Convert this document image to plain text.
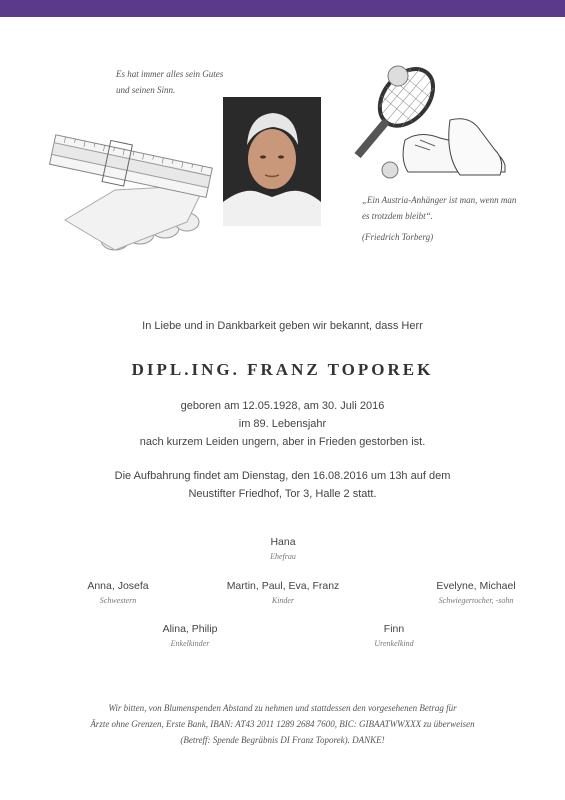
Es hat immer alles sein Gutes
und seinen Sinn.
„Ein Austria-Anhänger ist man, wenn man
es trotzdem bleibt“.
(Friedrich Torberg)
In Liebe und in Dankbarkeit geben wir bekannt, dass Herr
DIPL.ING. FRANZ TOPOREK
geboren am 12.05.1928, am 30. Juli 2016
im 89. Lebensjahr
nach kurzem Leiden ungern, aber in Frieden gestorben ist.
Die Aufbahrung findet am Dienstag, den 16.08.2016 um 13h auf dem
Neustifter Friedhof, Tor 3, Halle 2 statt.
Hana
Ehefrau
Anna, Josefa
Schwestern
Martin, Paul, Eva, Franz
Kinder
Evelyne, Michael
Schwiegertocher, -sohn
Alina, Philip
Enkelkinder
Finn
Urenkelkind
Wir bitten, von Blumenspenden Abstand zu nehmen und stattdessen den vorgesehenen Betrag für
Ärzte ohne Grenzen, Erste Bank, IBAN: AT43 2011 1289 2684 7600, BIC: GIBAATWWXXX zu überweisen
(Betreff: Spende Begräbnis DI Franz Toporek). DANKE!
